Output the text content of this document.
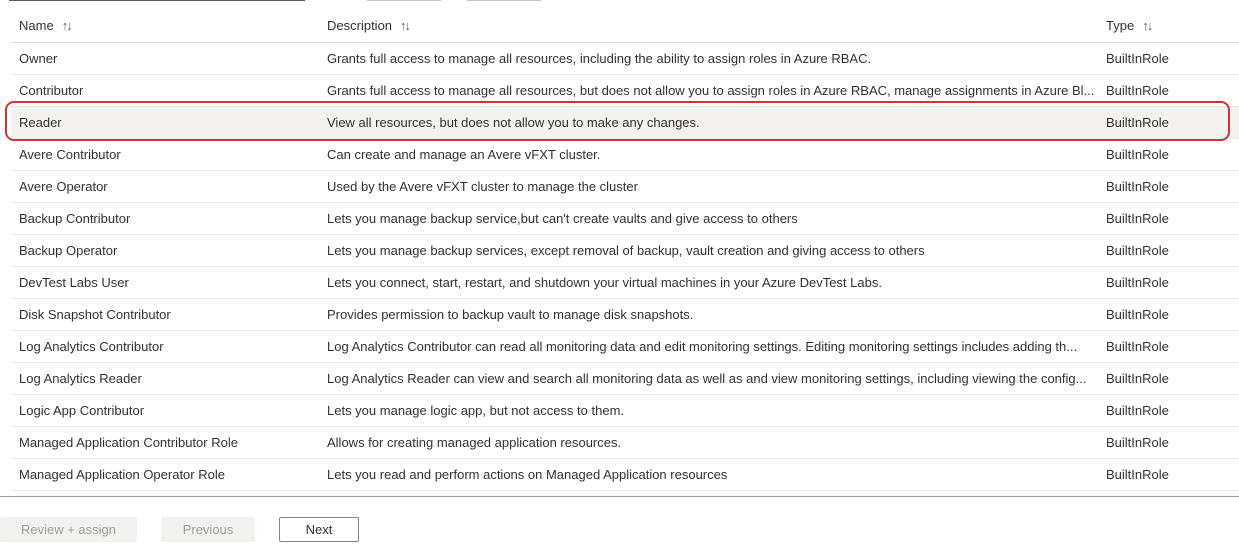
Name ↑↓	Description ↑↓	Type ↑↓
Owner	Grants full access to manage all resources, including the ability to assign roles in Azure RBAC.	BuiltInRole
Contributor	Grants full access to manage all resources, but does not allow you to assign roles in Azure RBAC, manage assignments in Azure Bl... BuiltInRole
Reader	View all resources, but does not allow you to make any changes.	BuiltInRole
Avere Contributor	Can create and manage an Avere vFXT cluster.	BuiltInRole
Avere Operator	Used by the Avere vFXT cluster to manage the cluster	BuiltInRole
Backup Contributor	Lets you manage backup service,but can't create vaults and give access to others	BuiltInRole
Backup Operator	Lets you manage backup services, except removal of backup, vault creation and giving access to others	BuiltInRole
DevTest Labs User	Lets you connect, start, restart, and shutdown your virtual machines in your Azure DevTest Labs.	BuiltInRole
Disk Snapshot Contributor	Provides permission to backup vault to manage disk snapshots.	BuiltInRole
Log Analytics Contributor	Log Analytics Contributor can read all monitoring data and edit monitoring settings. Editing monitoring settings includes adding th...	BuiltInRole
Log Analytics Reader	Log Analytics Reader can view and search all monitoring data as well as and view monitoring settings, including viewing the config...	BuiltInRole
Logic App Contributor	Lets you manage logic app, but not access to them.	BuiltInRole
Managed Application Contributor Role	Allows for creating managed application resources.	BuiltInRole
Managed Application Operator Role	Lets you read and perform actions on Managed Application resources	BuiltInRole
Review + assign	Previous	Next
